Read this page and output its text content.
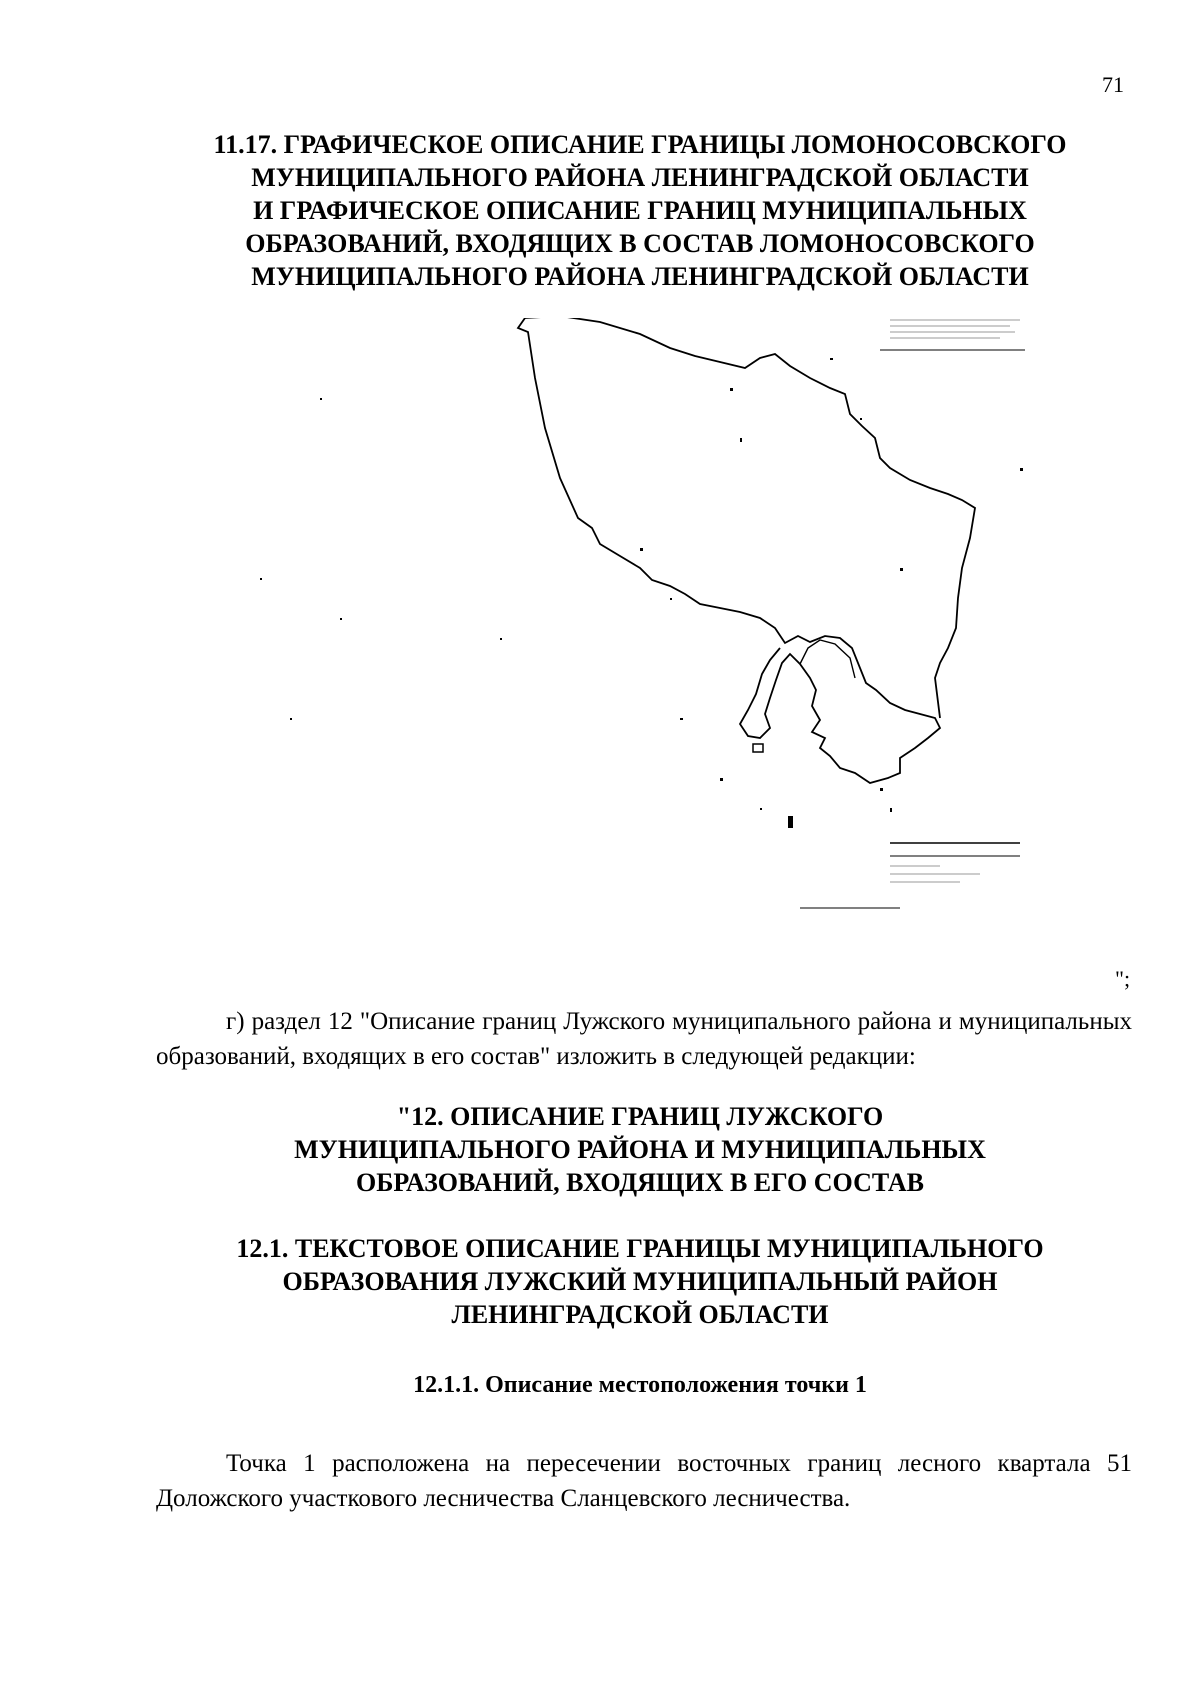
71
11.17. ГРАФИЧЕСКОЕ ОПИСАНИЕ ГРАНИЦЫ ЛОМОНОСОВСКОГО
МУНИЦИПАЛЬНОГО РАЙОНА ЛЕНИНГРАДСКОЙ ОБЛАСТИ
И ГРАФИЧЕСКОЕ ОПИСАНИЕ ГРАНИЦ МУНИЦИПАЛЬНЫХ
ОБРАЗОВАНИЙ, ВХОДЯЩИХ В СОСТАВ ЛОМОНОСОВСКОГО
МУНИЦИПАЛЬНОГО РАЙОНА ЛЕНИНГРАДСКОЙ ОБЛАСТИ
";

г) раздел 12 "Описание границ Лужского муниципального района и муниципальных образований, входящих в его состав" изложить в следующей редакции:

"12. ОПИСАНИЕ ГРАНИЦ ЛУЖСКОГО
МУНИЦИПАЛЬНОГО РАЙОНА И МУНИЦИПАЛЬНЫХ
ОБРАЗОВАНИЙ, ВХОДЯЩИХ В ЕГО СОСТАВ
12.1. ТЕКСТОВОЕ ОПИСАНИЕ ГРАНИЦЫ МУНИЦИПАЛЬНОГО
ОБРАЗОВАНИЯ ЛУЖСКИЙ МУНИЦИПАЛЬНЫЙ РАЙОН
ЛЕНИНГРАДСКОЙ ОБЛАСТИ
12.1.1. Описание местоположения точки 1

Точка 1 расположена на пересечении восточных границ лесного квартала 51 Доложского участкового лесничества Сланцевского лесничества.
